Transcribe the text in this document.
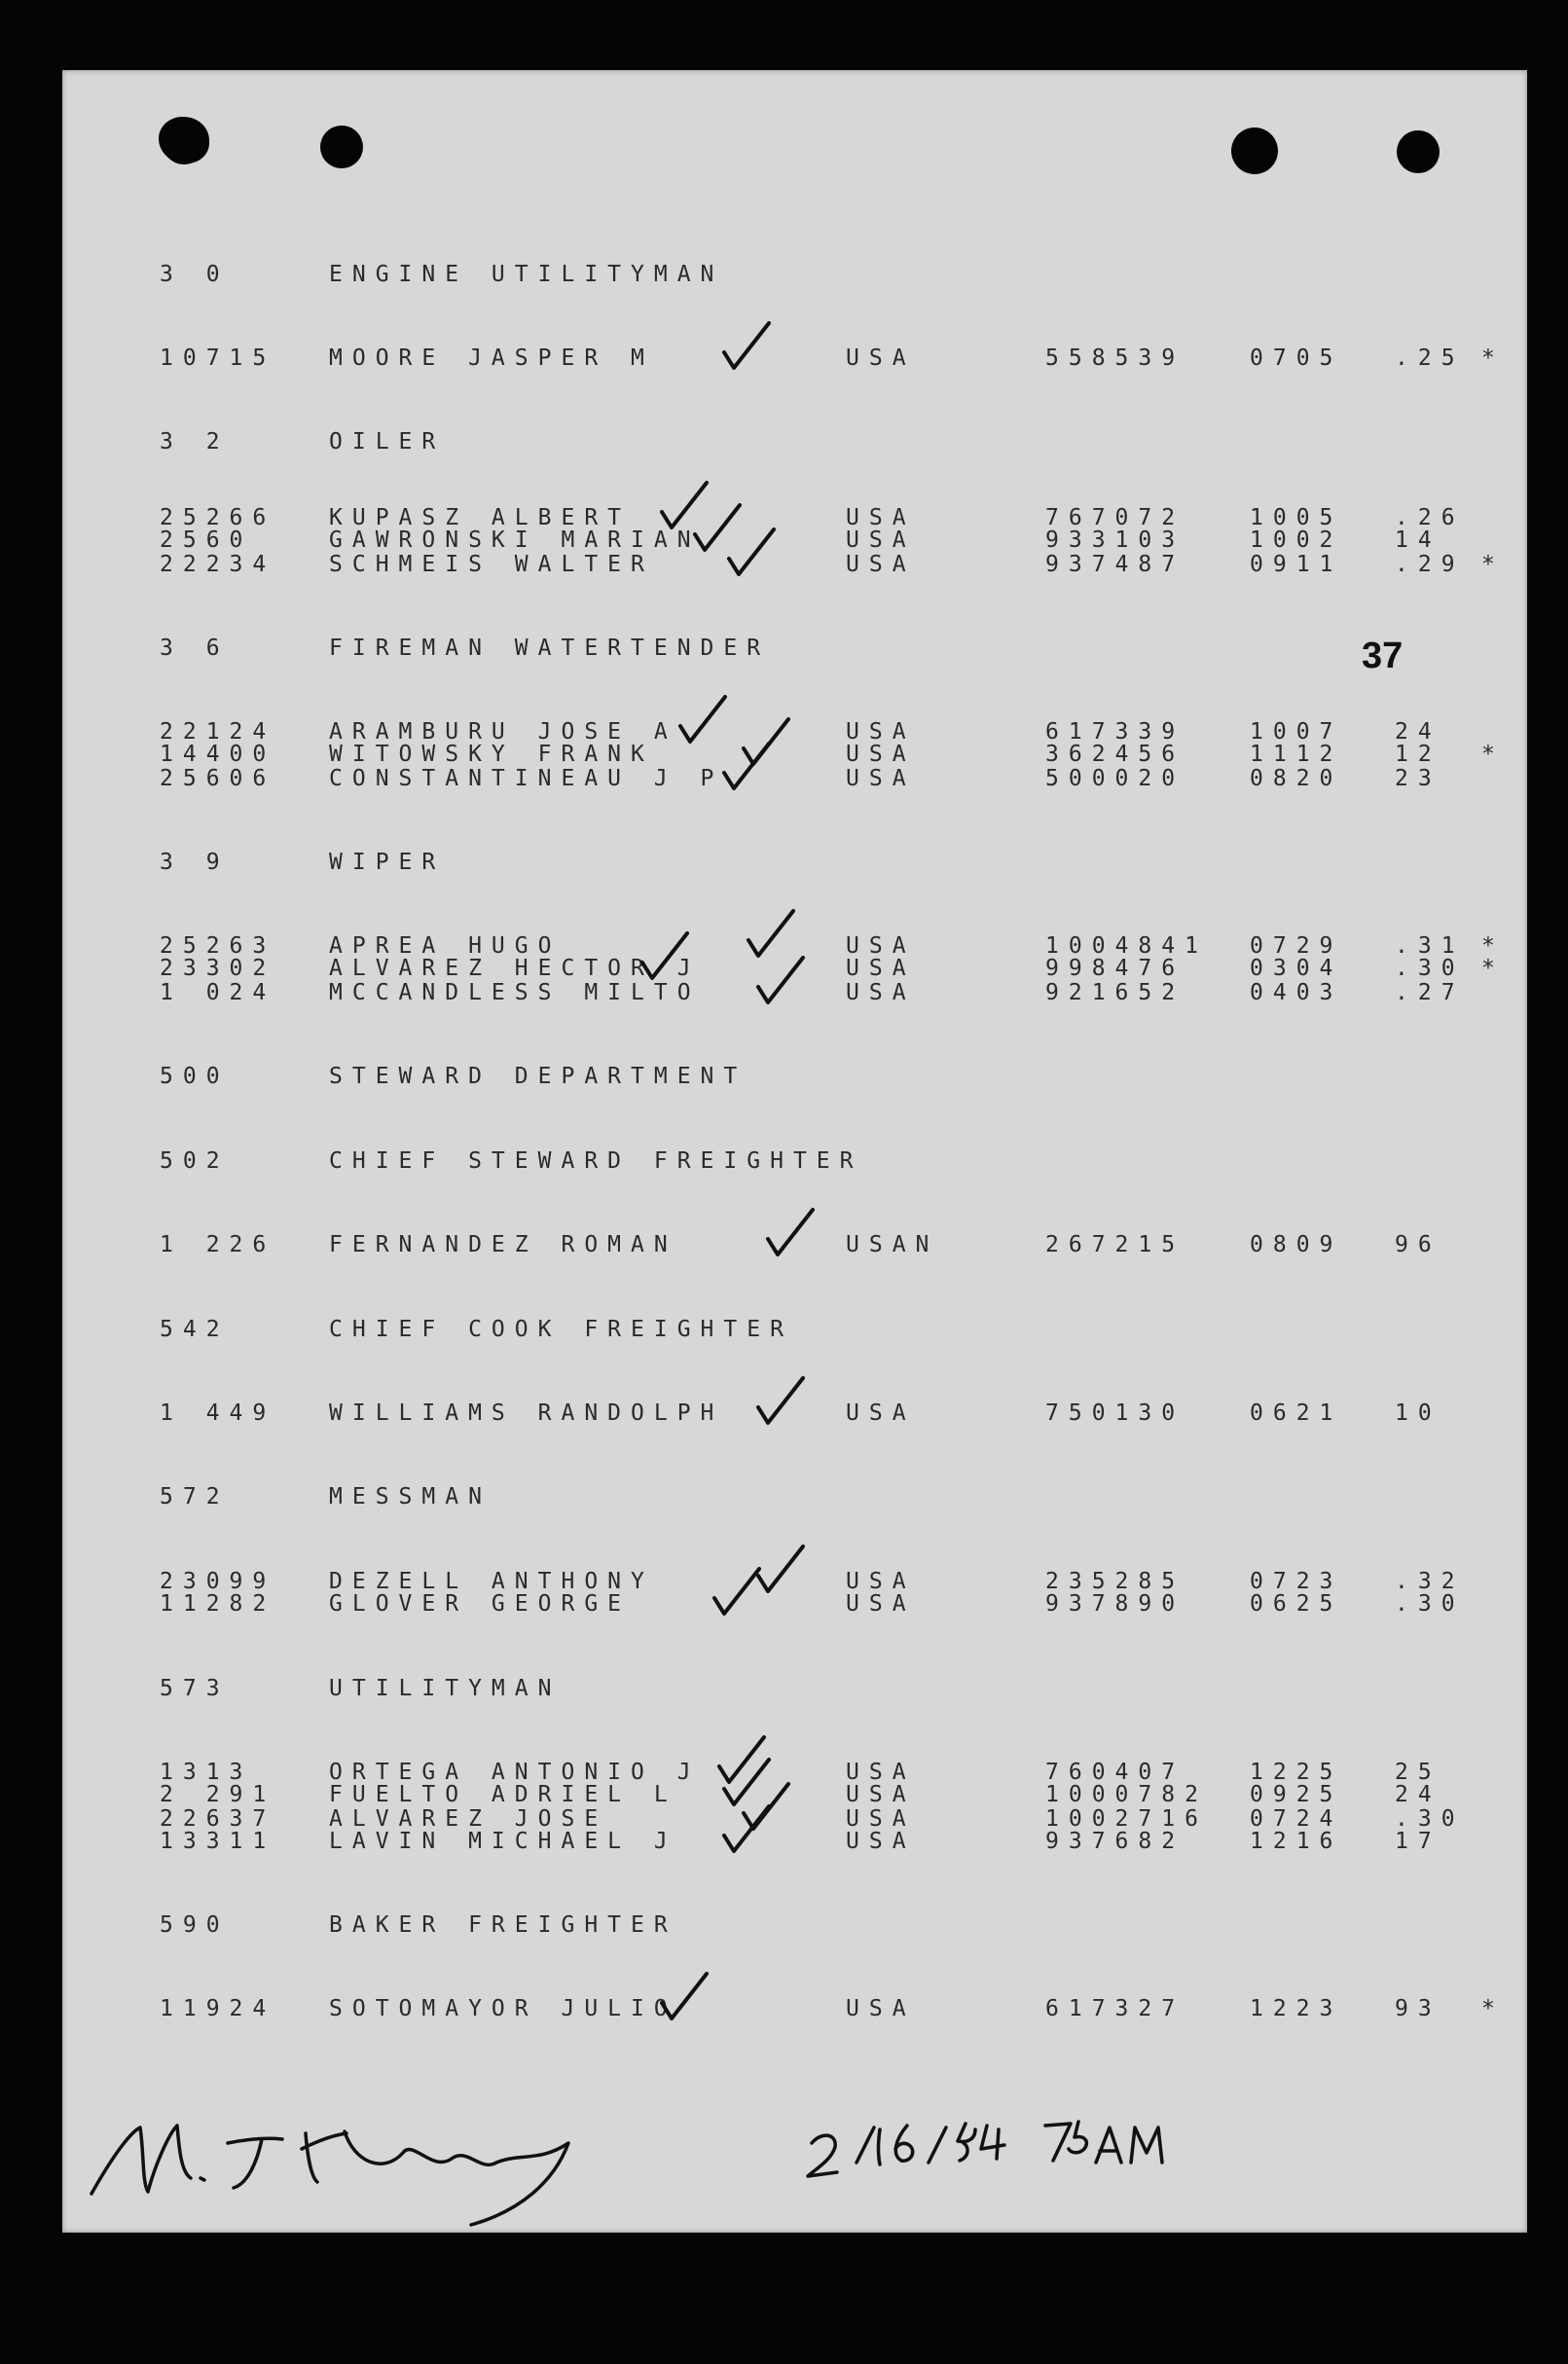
37
3 0	ENGINE UTILITYMAN
10715 MOORE JASPER M	USA	558539	0705 .25 *
3 2	OILER
25266 KUPASZ ALBERT	USA	767072	1005 .26
2560	GAWRONSKI MARIAN	USA	933103	1002 14
22234 SCHMEIS WALTER	USA	937487	0911 .29 *
3 6	FIREMAN WATERTENDER
22124 ARAMBURU JOSE A	USA	617339	1007 24
14400 WITOWSKY FRANK	USA	362456	1112 12 *
25606 CONSTANTINEAU J P	USA	500020	0820 23
3 9	WIPER
25263 APREA HUGO	USA	1004841 0729 .31 *
23302 ALVAREZ HECTOR J	USA	998476	0304 .30 *
1 024 MCCANDLESS MILTO	USA	921652	0403 .27
500	STEWARD DEPARTMENT
502	CHIEF STEWARD FREIGHTER
1 226 FERNANDEZ ROMAN	USAN	267215	0809 96
542	CHIEF COOK FREIGHTER
1 449 WILLIAMS RANDOLPH	USA	750130	0621 10
572	MESSMAN
23099 DEZELL ANTHONY	USA	235285	0723 .32
11282 GLOVER GEORGE	USA	937890	0625 .30
573	UTILITYMAN
1313	ORTEGA ANTONIO J	USA	760407	1225 25
2 291 FUELTO ADRIEL L	USA	1000782 0925 24
22637 ALVAREZ JOSE	USA	1002716 0724 .30
13311 LAVIN MICHAEL J	USA	937682	1216 17
590	BAKER FREIGHTER
11924 SOTOMAYOR JULIO	USA	617327	1223 93 *
